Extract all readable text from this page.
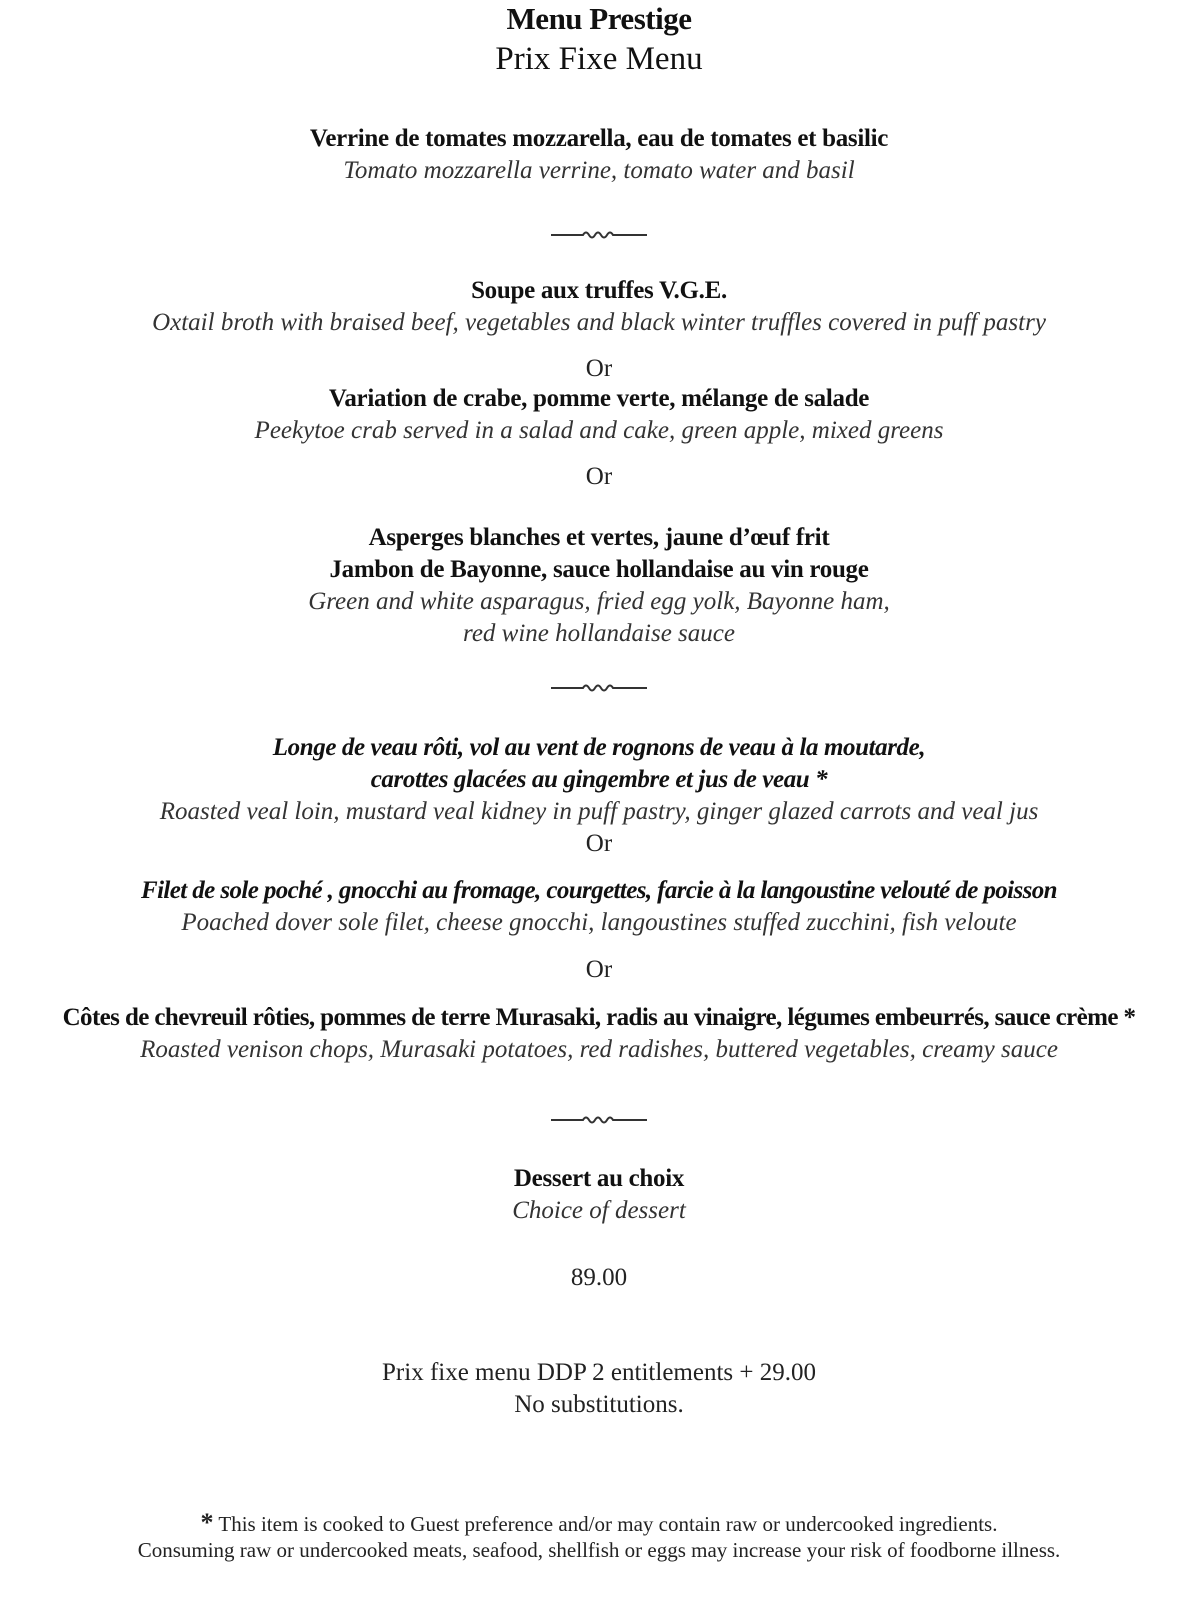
Menu Prestige
Prix Fixe Menu
Verrine de tomates mozzarella, eau de tomates et basilic
Tomato mozzarella verrine, tomato water and basil
Soupe aux truffes V.G.E.
Oxtail broth with braised beef, vegetables and black winter truffles covered in puff pastry
Or
Variation de crabe, pomme verte, mélange de salade
Peekytoe crab served in a salad and cake, green apple, mixed greens
Or
Asperges blanches et vertes, jaune d’œuf frit
Jambon de Bayonne, sauce hollandaise au vin rouge
Green and white asparagus, fried egg yolk, Bayonne ham,
red wine hollandaise sauce
Longe de veau rôti, vol au vent de rognons de veau à la moutarde,
carottes glacées au gingembre et jus de veau *
Roasted veal loin, mustard veal kidney in puff pastry, ginger glazed carrots and veal jus
Or
Filet de sole poché , gnocchi au fromage, courgettes, farcie à la langoustine velouté de poisson
Poached dover sole filet, cheese gnocchi, langoustines stuffed zucchini, fish veloute
Or
Côtes de chevreuil rôties, pommes de terre Murasaki, radis au vinaigre, légumes embeurrés, sauce crème *
Roasted venison chops, Murasaki potatoes, red radishes, buttered vegetables, creamy sauce
Dessert au choix
Choice of dessert
89.00
Prix fixe menu DDP 2 entitlements + 29.00
No substitutions.
* This item is cooked to Guest preference and/or may contain raw or undercooked ingredients.
Consuming raw or undercooked meats, seafood, shellfish or eggs may increase your risk of foodborne illness.
